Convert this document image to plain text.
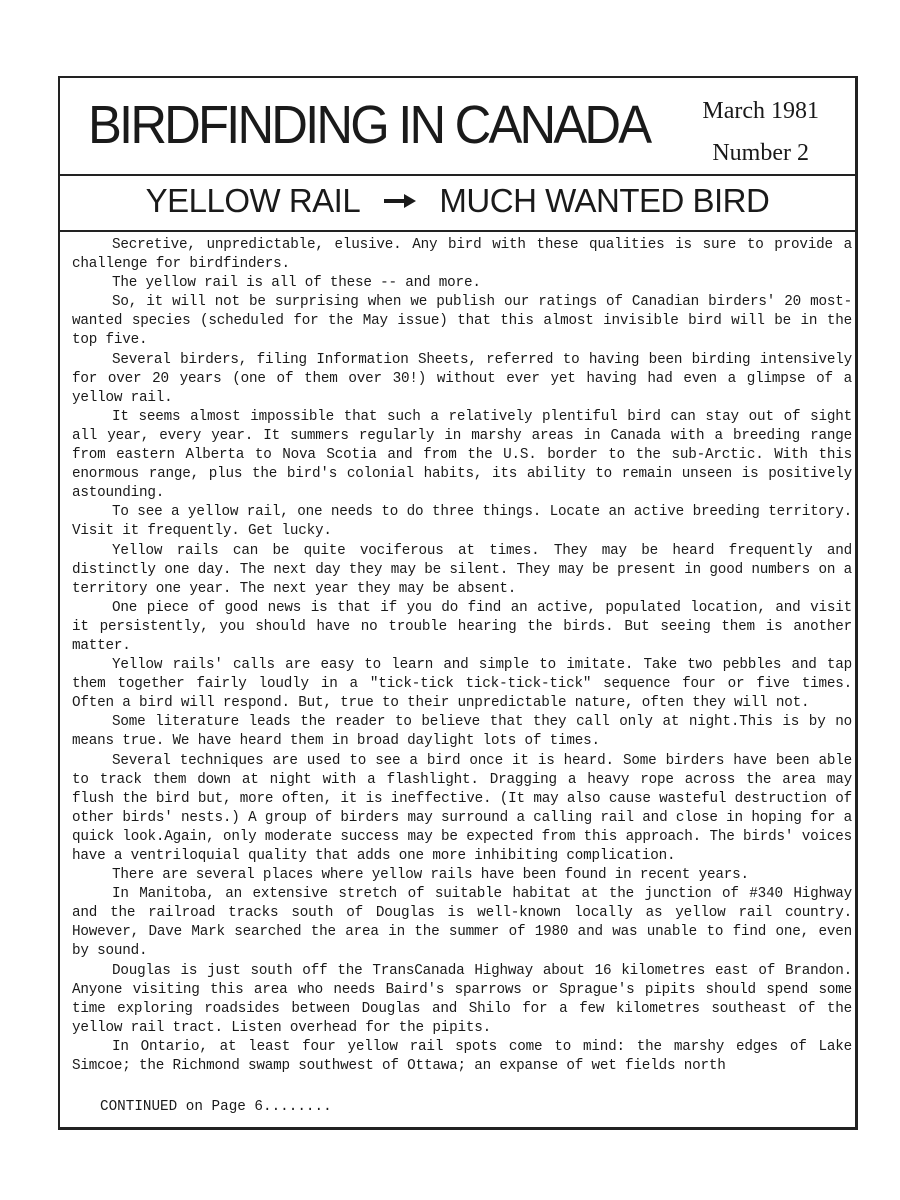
BIRDFINDING IN CANADA March 1981
Number 2
YELLOW RAIL MUCH WANTED BIRD

Secretive, unpredictable, elusive. Any bird with these qualities is sure to provide a challenge for birdfinders.

The yellow rail is all of these -- and more.

So, it will not be surprising when we publish our ratings of Canadian birders' 20 most-wanted species (scheduled for the May issue) that this almost invisible bird will be in the top five.

Several birders, filing Information Sheets, referred to having been birding intensively for over 20 years (one of them over 30!) without ever yet having had even a glimpse of a yellow rail.

It seems almost impossible that such a relatively plentiful bird can stay out of sight all year, every year. It summers regularly in marshy areas in Canada with a breeding range from eastern Alberta to Nova Scotia and from the U.S. border to the sub-Arctic. With this enormous range, plus the bird's colonial habits, its ability to remain unseen is positively astounding.

To see a yellow rail, one needs to do three things. Locate an active breeding territory. Visit it frequently. Get lucky.

Yellow rails can be quite vociferous at times. They may be heard frequently and distinctly one day. The next day they may be silent. They may be present in good numbers on a territory one year. The next year they may be absent.

One piece of good news is that if you do find an active, populated location, and visit it persistently, you should have no trouble hearing the birds. But seeing them is another matter.

Yellow rails' calls are easy to learn and simple to imitate. Take two pebbles and tap them together fairly loudly in a "tick-tick tick-tick-tick" sequence four or five times. Often a bird will respond. But, true to their unpredictable nature, often they will not.

Some literature leads the reader to believe that they call only at night.This is by no means true. We have heard them in broad daylight lots of times.

Several techniques are used to see a bird once it is heard. Some birders have been able to track them down at night with a flashlight. Dragging a heavy rope across the area may flush the bird but, more often, it is ineffective. (It may also cause wasteful destruction of other birds' nests.) A group of birders may surround a calling rail and close in hoping for a quick look.Again, only moderate success may be expected from this approach. The birds' voices have a ventriloquial quality that adds one more inhibiting complication.

There are several places where yellow rails have been found in recent years.

In Manitoba, an extensive stretch of suitable habitat at the junction of #340 Highway and the railroad tracks south of Douglas is well-known locally as yellow rail country. However, Dave Mark searched the area in the summer of 1980 and was unable to find one, even by sound.

Douglas is just south off the TransCanada Highway about 16 kilometres east of Brandon. Anyone visiting this area who needs Baird's sparrows or Sprague's pipits should spend some time exploring roadsides between Douglas and Shilo for a few kilometres southeast of the yellow rail tract. Listen overhead for the pipits.

In Ontario, at least four yellow rail spots come to mind: the marshy edges of Lake Simcoe; the Richmond swamp southwest of Ottawa; an expanse of wet fields north

CONTINUED on Page 6........
